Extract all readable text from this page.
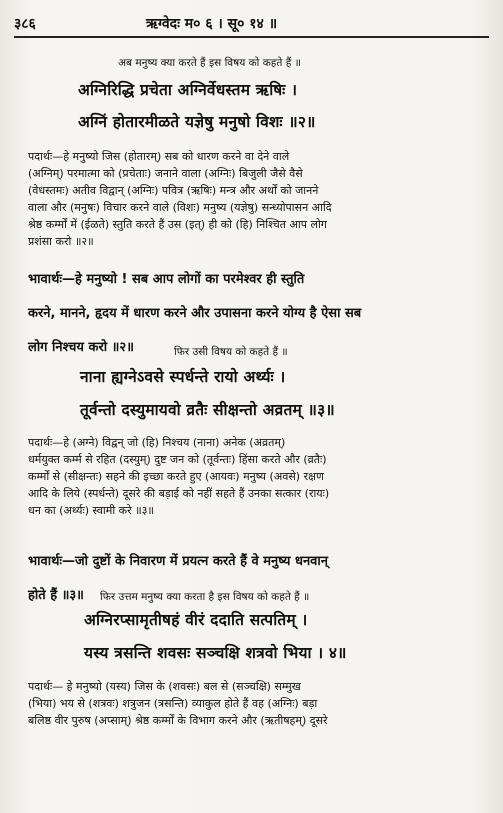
३८६	ऋग्वेदः म० ६ । सू० १४ ॥
अब मनुष्य क्या करते हैं इस विषय को कहते हैं ॥
अग्निरिद्धि प्रचेता अग्निर्वेधस्तम ऋषिः ।
अग्निं होतारमीळते यज्ञेषु मनुषो विशः ॥२॥

पदार्थः—हे मनुष्यो जिस (होतारम्) सब को धारण करने वा देने वाले

(अग्निम्) परमात्मा को (प्रचेताः) जनाने वाला (अग्निः) बिजुली जैसे वैसे

(वेधस्तमः) अतीव विद्वान् (अग्निः) पवित्र (ऋषिः) मन्त्र और अर्थों को जानने

वाला और (मनुषः) विचार करने वाले (विशः) मनुष्य (यज्ञेषु) सन्ध्योपासन आदि

श्रेष्ठ कर्म्मों में (ईळते) स्तुति करते हैं उस (इत्) ही को (हि) निश्चित आप लोग

प्रशंसा करो ॥२॥

भावार्थः—हे मनुष्यो ! सब आप लोगों का परमेश्वर ही स्तुति

करने, मानने, हृदय में धारण करने और उपासना करने योग्य है ऐसा सब

लोग निश्चय करो ॥२॥	फिर उसी विषय को कहते हैं ॥
नाना ह्यग्नेऽवसे स्पर्धन्ते रायो अर्थ्यः ।
तूर्वन्तो दस्युमायवो व्रतैः सीक्षन्तो अव्रतम् ॥३॥

पदार्थः—हे (अग्ने) विद्वन् जो (हि) निश्चय (नाना) अनेक (अव्रतम्)

धर्मयुक्त कर्म्म से रहित (दस्युम्) दुष्ट जन को (तूर्वन्तः) हिंसा करते और (व्रतैः)

कर्म्मों से (सीक्षन्तः) सहने की इच्छा करते हुए (आयवः) मनुष्य (अवसे) रक्षण

आदि के लिये (स्पर्धन्ते) दूसरे की बड़ाई को नहीं सहते हैं उनका सत्कार (रायः)

धन का (अर्थ्यः) स्वामी करे ॥३॥

भावार्थः—जो दुष्टों के निवारण में प्रयत्न करते हैं वे मनुष्य धनवान्

होते हैं ॥३॥	फिर उत्तम मनुष्य क्या करता है इस विषय को कहते हैं ॥
अग्निरप्सामृतीषहं वीरं ददाति सत्पतिम् ।
यस्य त्रसन्ति शवसः सञ्चक्षि शत्रवो भिया । ४॥

पदार्थः— हे मनुष्यो (यस्य) जिस के (शवसः) बल से (सञ्चक्षि) सम्मुख

(भिया) भय से (शत्रवः) शत्रुजन (त्रसन्ति) व्याकुल होते हैं वह (अग्निः) बड़ा

बलिष्ठ वीर पुरुष (अप्साम्) श्रेष्ठ कर्म्मों के विभाग करने और (ऋतीषहम्) दूसरे
